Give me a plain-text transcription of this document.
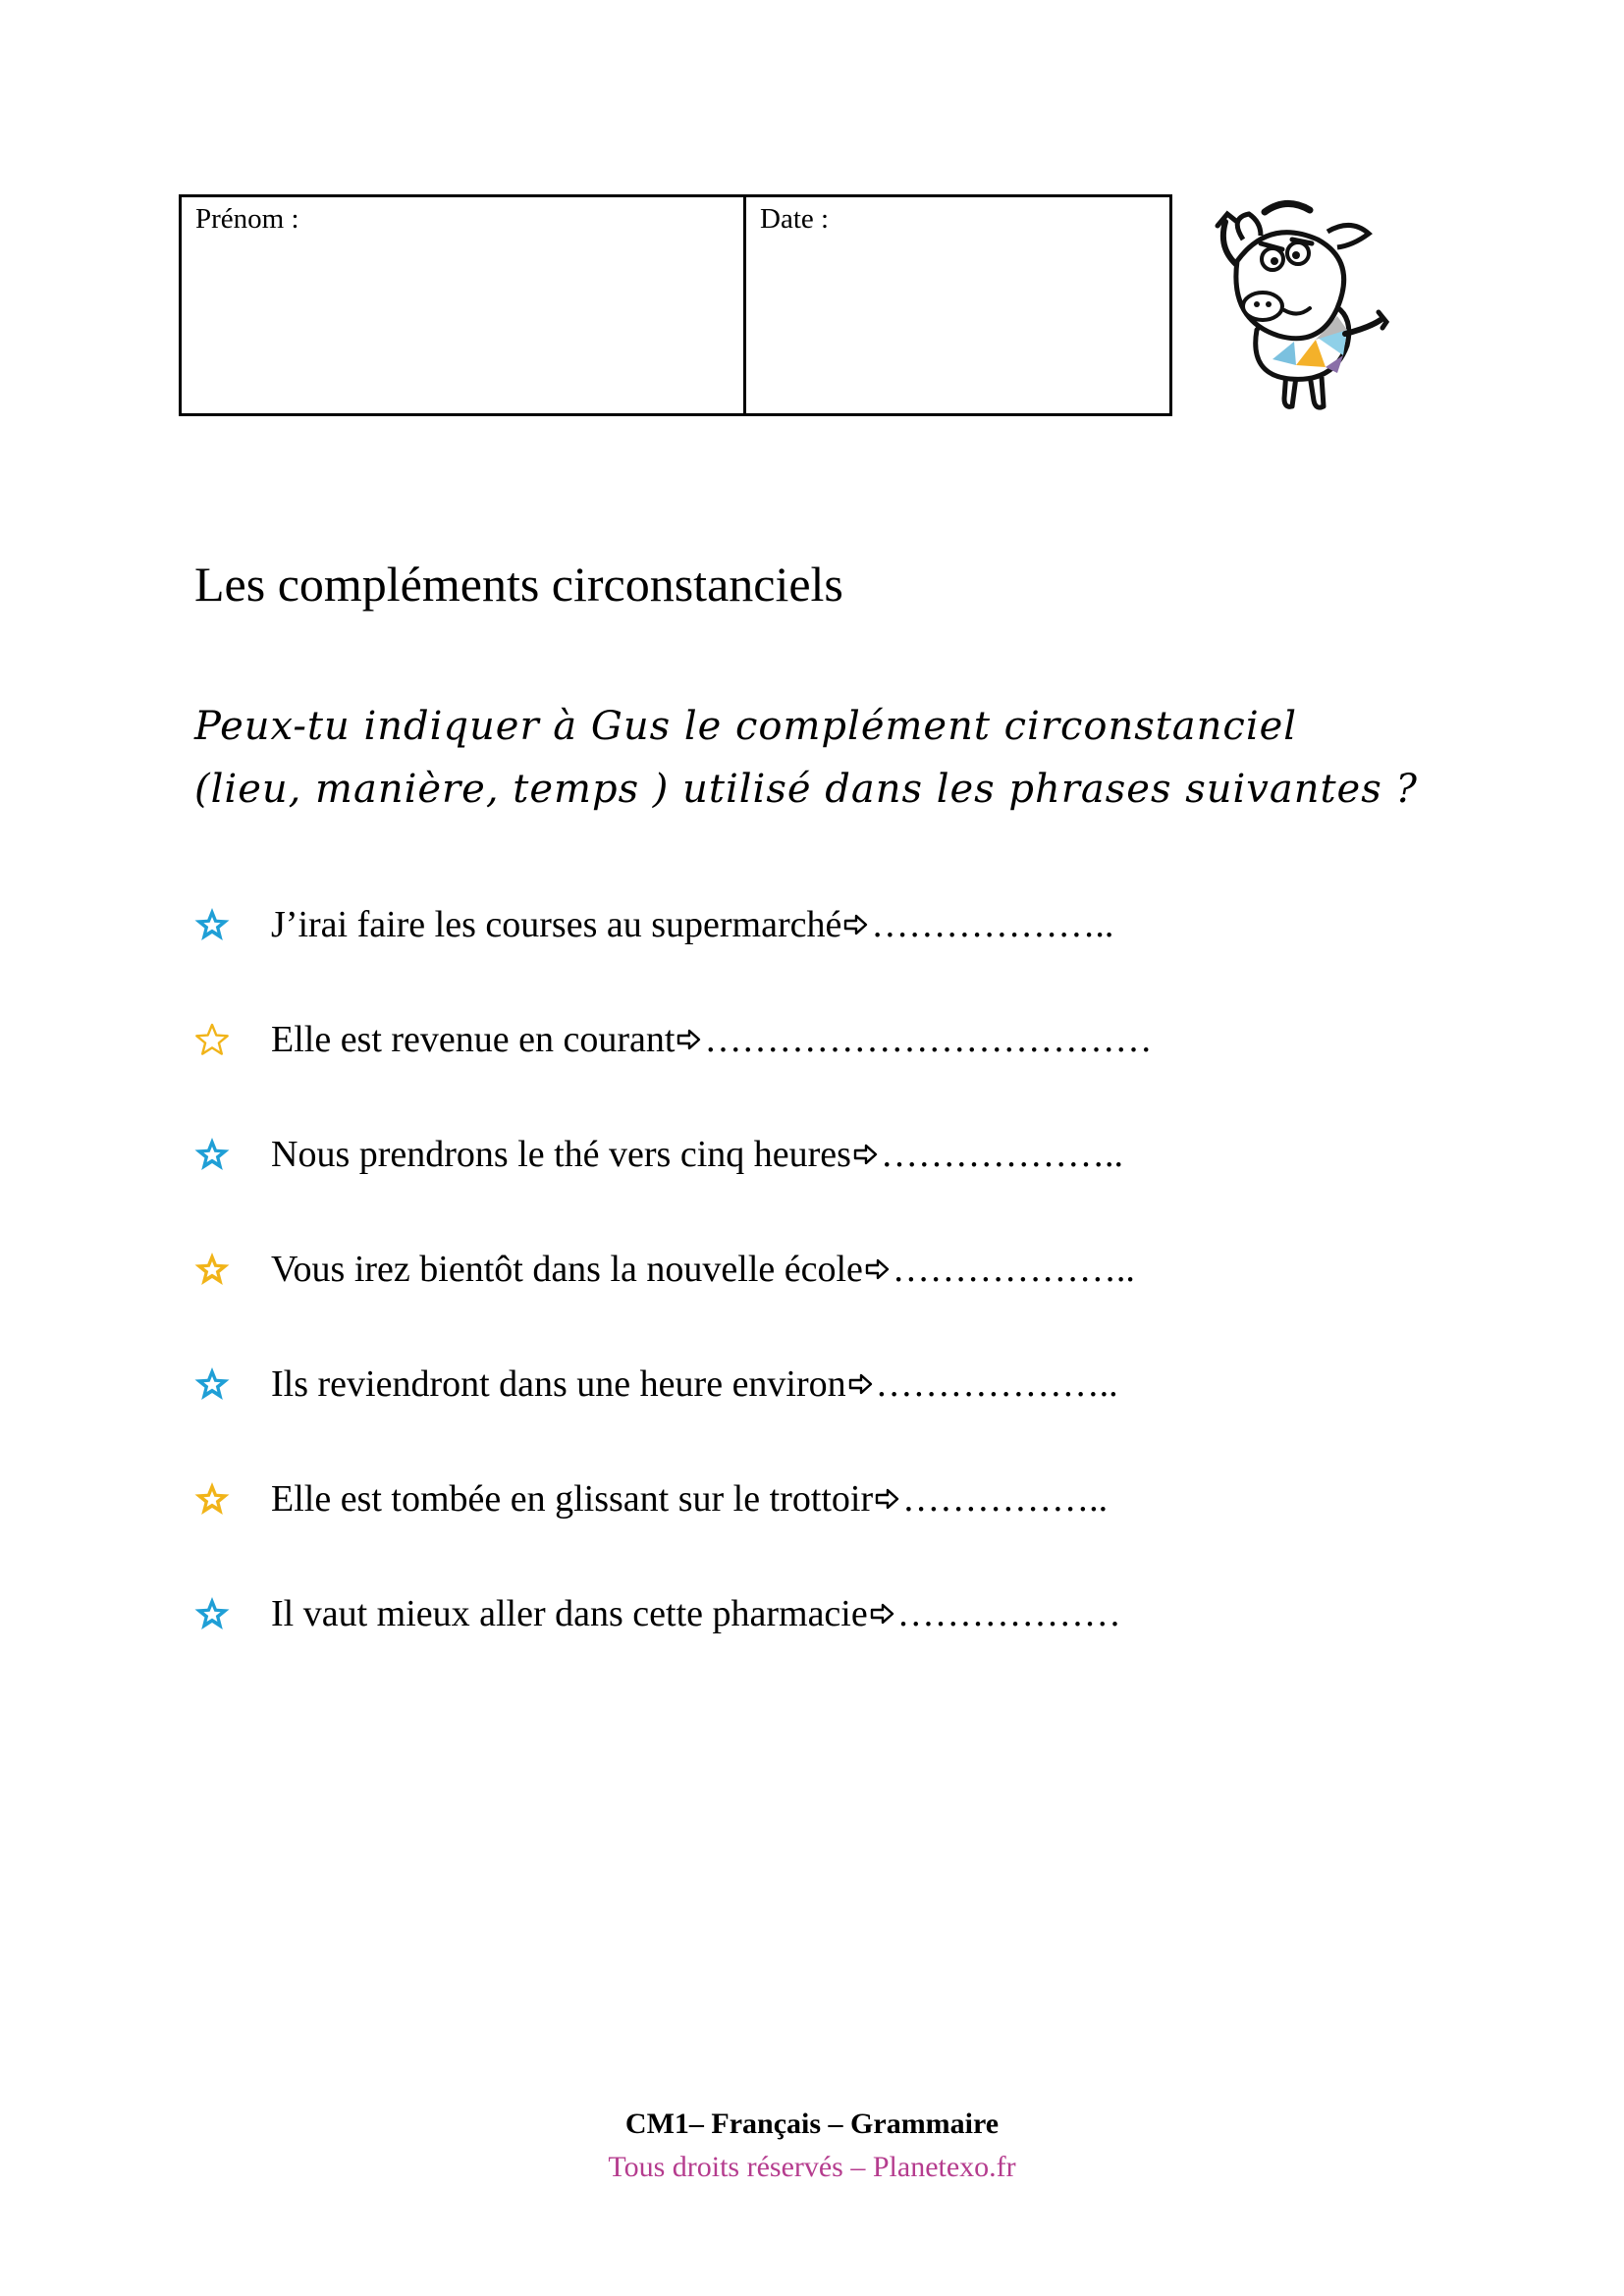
Prénom :	Date :
Les compléments circonstanciels

Peux-tu indiquer à Gus le complément circonstanciel
(lieu, manière, temps ) utilisé dans les phrases suivantes ?

J’irai faire les courses au supermarché ………………..
Elle est revenue en courant ………………………………
Nous prendrons le thé vers cinq heures ………………..
Vous irez bientôt dans la nouvelle école ………………..
Ils reviendront dans une heure environ ………………..
Elle est tombée en glissant sur le trottoir ……………..
Il vaut mieux aller dans cette pharmacie ………………
CM1– Français – Grammaire
Tous droits réservés – Planetexo.fr
